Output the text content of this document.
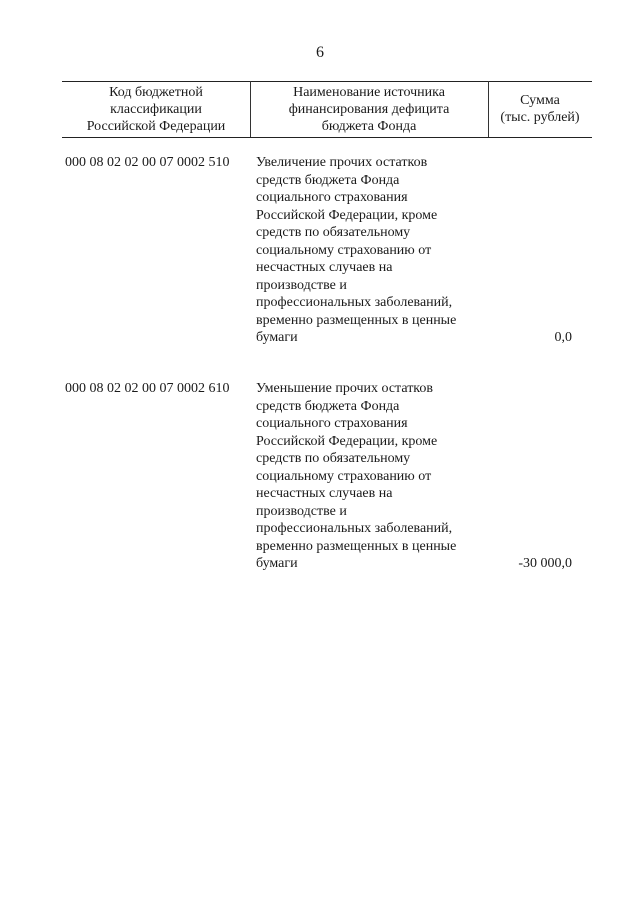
6
Код бюджетной
классификации
Российской Федерации
Наименование источника
финансирования дефицита
бюджета Фонда
Сумма
(тыс. рублей)
000 08 02 02 00 07 0002 510 Увеличение прочих остатков
средств бюджета Фонда
социального страхования
Российской Федерации, кроме
средств по обязательному
социальному страхованию от
несчастных случаев на
производстве и
профессиональных заболеваний,
временно размещенных в ценные
бумаги	0,0
000 08 02 02 00 07 0002 610 Уменьшение прочих остатков
средств бюджета Фонда
социального страхования
Российской Федерации, кроме
средств по обязательному
социальному страхованию от
несчастных случаев на
производстве и
профессиональных заболеваний,
временно размещенных в ценные
бумаги	-30 000,0
